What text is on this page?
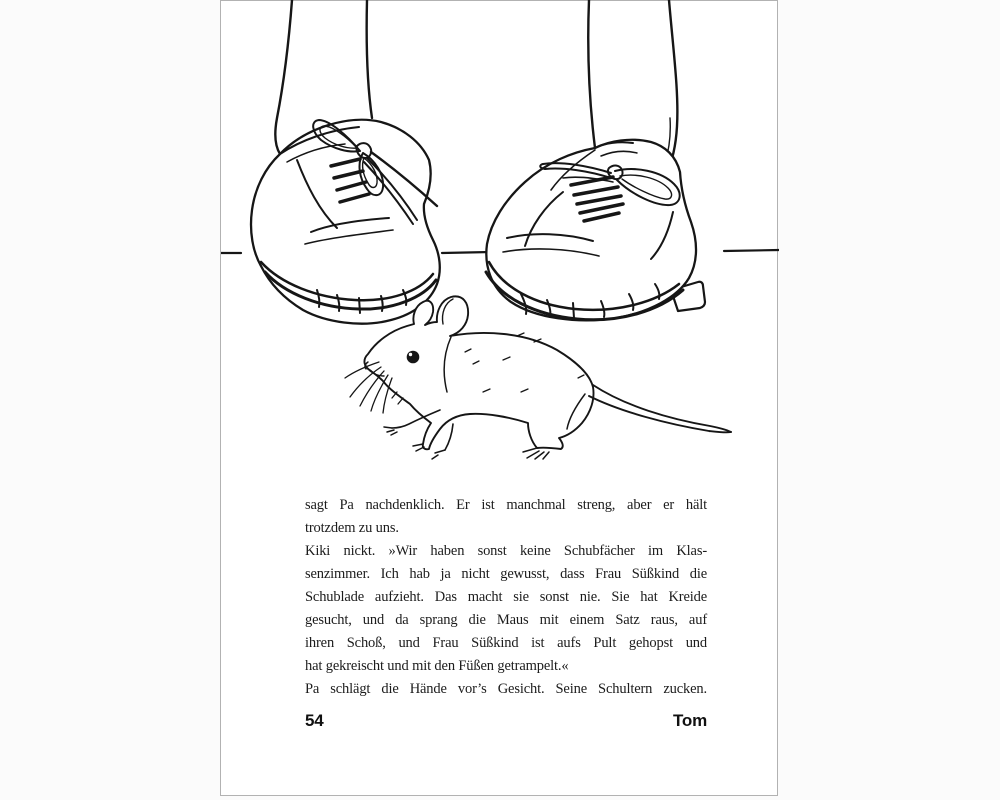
sagt Pa nachdenklich. Er ist manchmal streng, aber er hält
trotzdem zu uns.
Kiki nickt. »Wir haben sonst keine Schubfächer im Klas-
senzimmer. Ich hab ja nicht gewusst, dass Frau Süßkind die
Schublade aufzieht. Das macht sie sonst nie. Sie hat Kreide
gesucht, und da sprang die Maus mit einem Satz raus, auf
ihren Schoß, und Frau Süßkind ist aufs Pult gehopst und
hat gekreischt und mit den Füßen getrampelt.«
Pa schlägt die Hände vor’s Gesicht. Seine Schultern zucken.
54	Tom
